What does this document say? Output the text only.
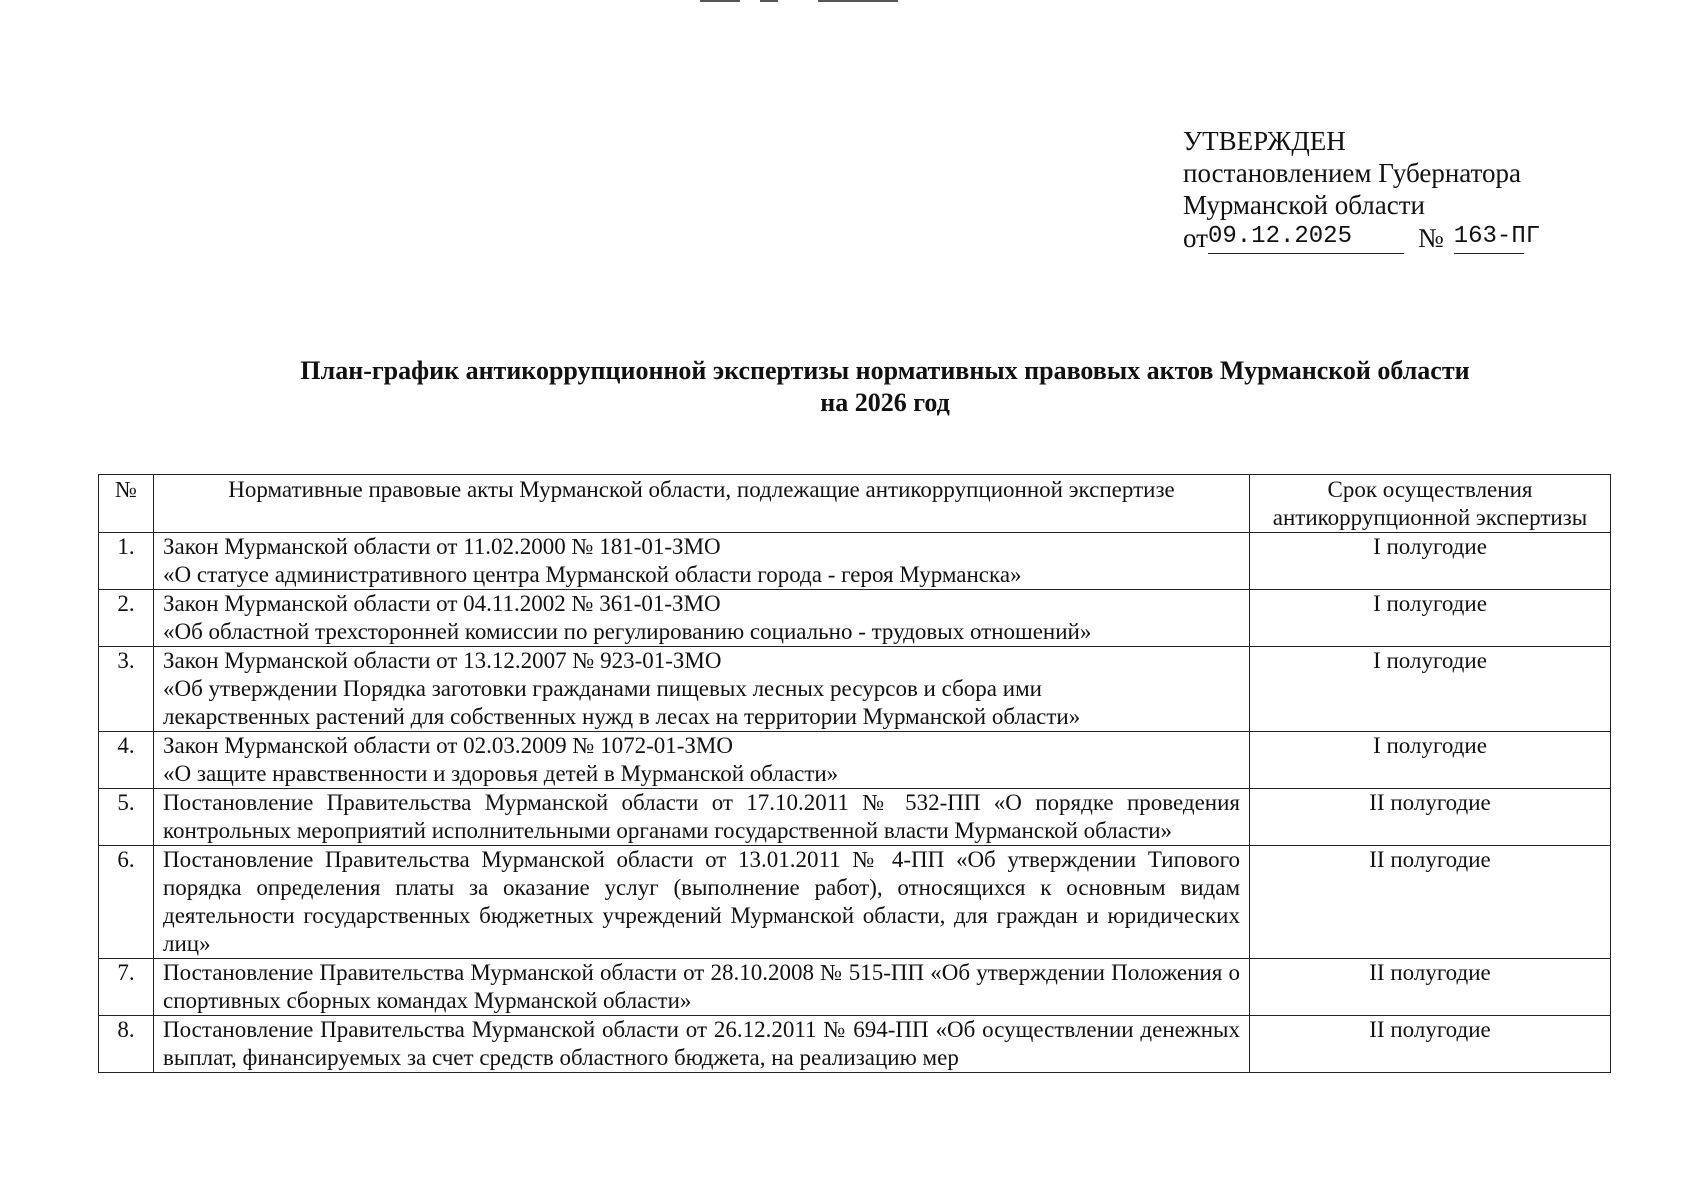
УТВЕРЖДЕН
постановлением Губернатора
Мурманской области
от 09.12.2025	№ 163-ПГ
План-график антикоррупционной экспертизы нормативных правовых актов Мурманской области
на 2026 год
№	Нормативные правовые акты Мурманской области, подлежащие антикоррупционной экспертизе	Срок осуществления
антикоррупционной экспертизы

1.	Закон Мурманской области от 11.02.2000 № 181-01-ЗМО
«О статусе административного центра Мурманской области города - героя Мурманска»	I полугодие
2.	Закон Мурманской области от 04.11.2002 № 361-01-ЗМО
«Об областной трехсторонней комиссии по регулированию социально - трудовых отношений»	I полугодие
3.	Закон Мурманской области от 13.12.2007 № 923-01-ЗМО
«Об утверждении Порядка заготовки гражданами пищевых лесных ресурсов и сбора ими
лекарственных растений для собственных нужд в лесах на территории Мурманской области»	I полугодие
4.	Закон Мурманской области от 02.03.2009 № 1072-01-ЗМО
«О защите нравственности и здоровья детей в Мурманской области»	I полугодие
5.	Постановление Правительства Мурманской области от 17.10.2011 № 532-ПП «О порядке проведения контрольных мероприятий исполнительными органами государственной власти Мурманской области»	II полугодие
6.	Постановление Правительства Мурманской области от 13.01.2011 № 4-ПП «Об утверждении Типового порядка определения платы за оказание услуг (выполнение работ), относящихся к основным видам деятельности государственных бюджетных учреждений Мурманской области, для граждан и юридических лиц»	II полугодие
7.	Постановление Правительства Мурманской области от 28.10.2008 № 515-ПП «Об утверждении Положения о спортивных сборных командах Мурманской области»	II полугодие
8.	Постановление Правительства Мурманской области от 26.12.2011 № 694-ПП «Об осуществлении денежных выплат, финансируемых за счет средств областного бюджета, на реализацию мер	II полугодие
